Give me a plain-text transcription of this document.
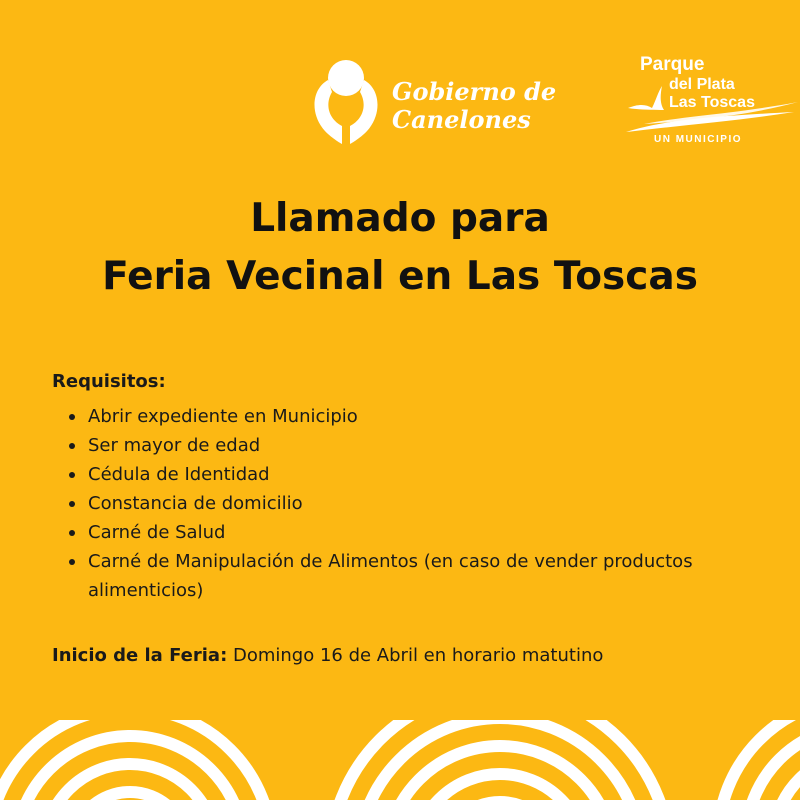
Gobierno de
Canelones
Parque
del Plata
Las Toscas
UN MUNICIPIO
Llamado para
Feria Vecinal en Las Toscas
Requisitos:
Abrir expediente en Municipio
Ser mayor de edad
Cédula de Identidad
Constancia de domicilio
Carné de Salud
Carné de Manipulación de Alimentos (en caso de vender productos alimenticios)
Inicio de la Feria: Domingo 16 de Abril en horario matutino
